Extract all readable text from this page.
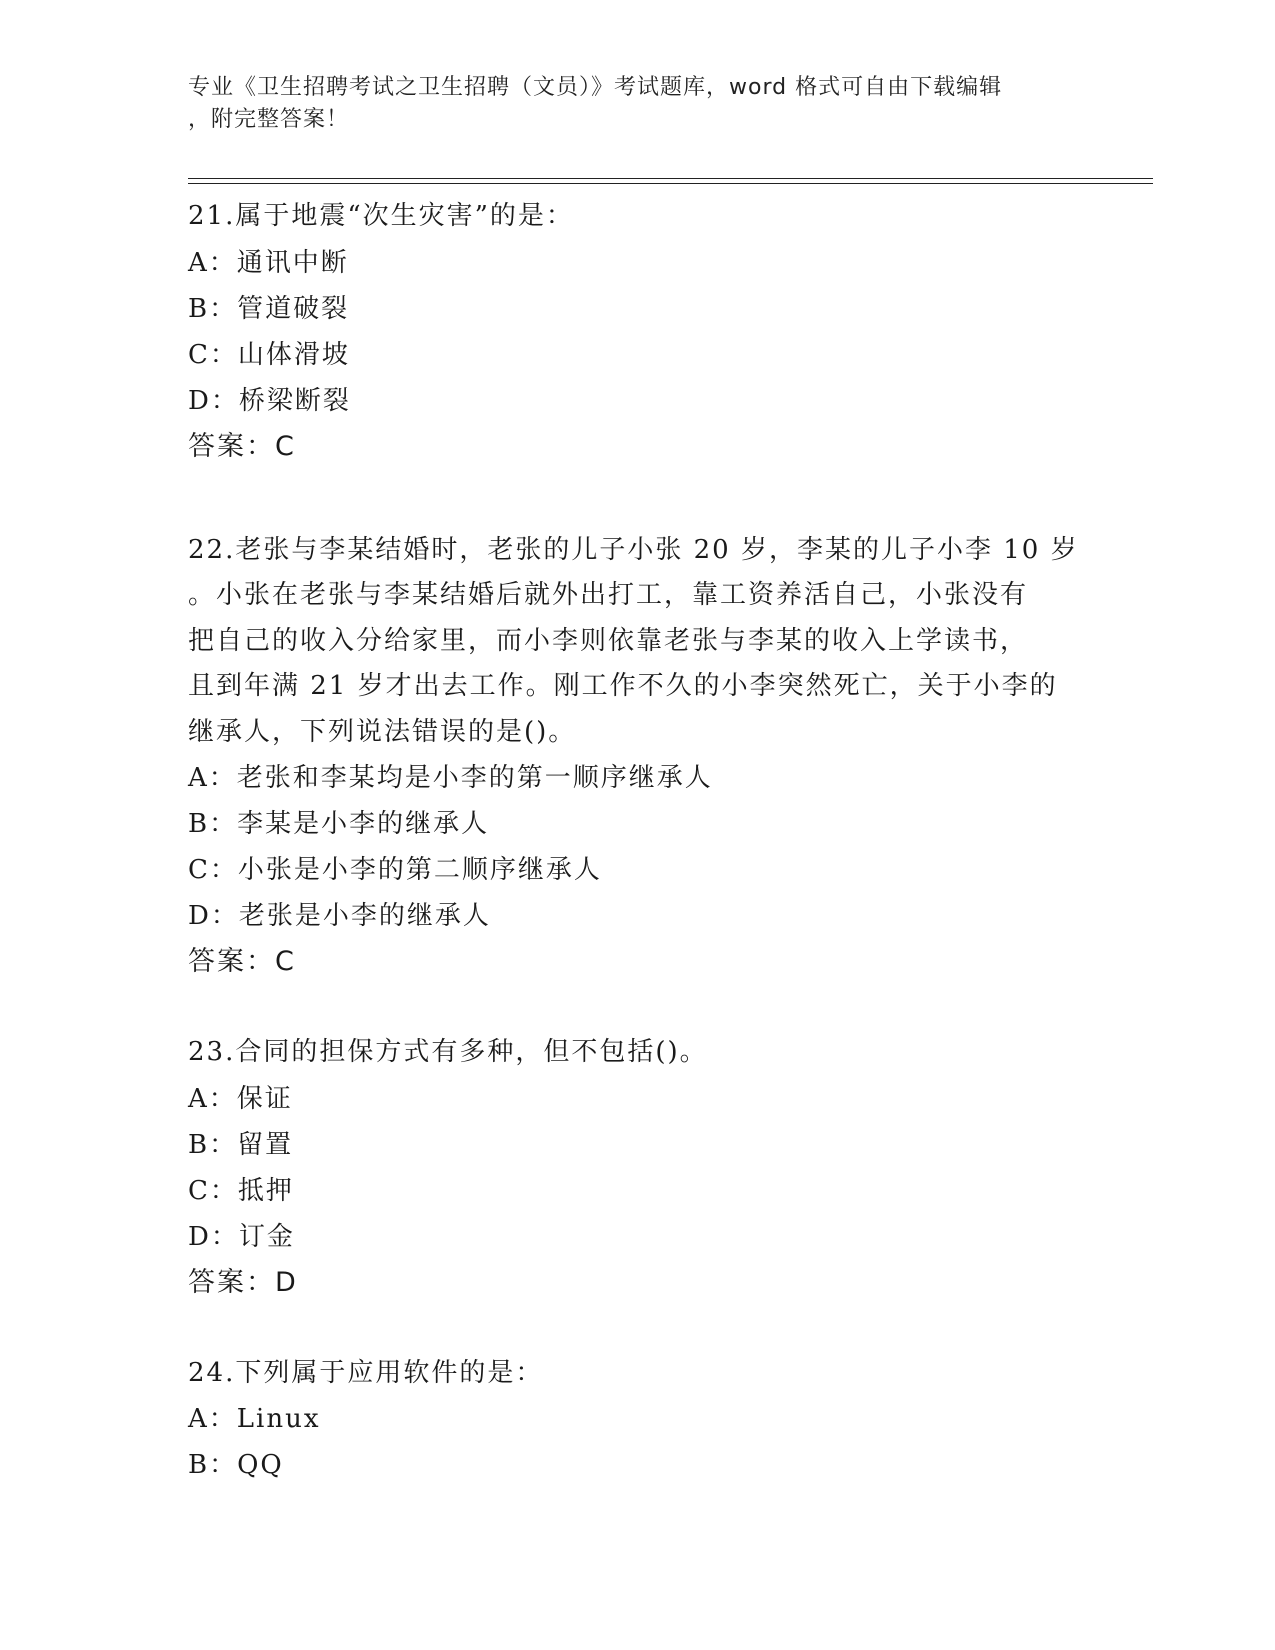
专业《卫生招聘考试之卫生招聘（文员）》考试题库，word 格式可自由下载编辑
，附完整答案！

21.属于地震“次生灾害”的是：

A：通讯中断

B：管道破裂

C：山体滑坡

D：桥梁断裂

答案：C

22.老张与李某结婚时，老张的儿子小张 20 岁，李某的儿子小李 10 岁

。小张在老张与李某结婚后就外出打工，靠工资养活自己，小张没有

把自己的收入分给家里，而小李则依靠老张与李某的收入上学读书，

且到年满 21 岁才出去工作。刚工作不久的小李突然死亡，关于小李的

继承人，下列说法错误的是()。

A：老张和李某均是小李的第一顺序继承人

B：李某是小李的继承人

C：小张是小李的第二顺序继承人

D：老张是小李的继承人

答案：C

23.合同的担保方式有多种，但不包括()。

A：保证

B：留置

C：抵押

D：订金

答案：D

24.下列属于应用软件的是：

A：Linux

B：QQ
